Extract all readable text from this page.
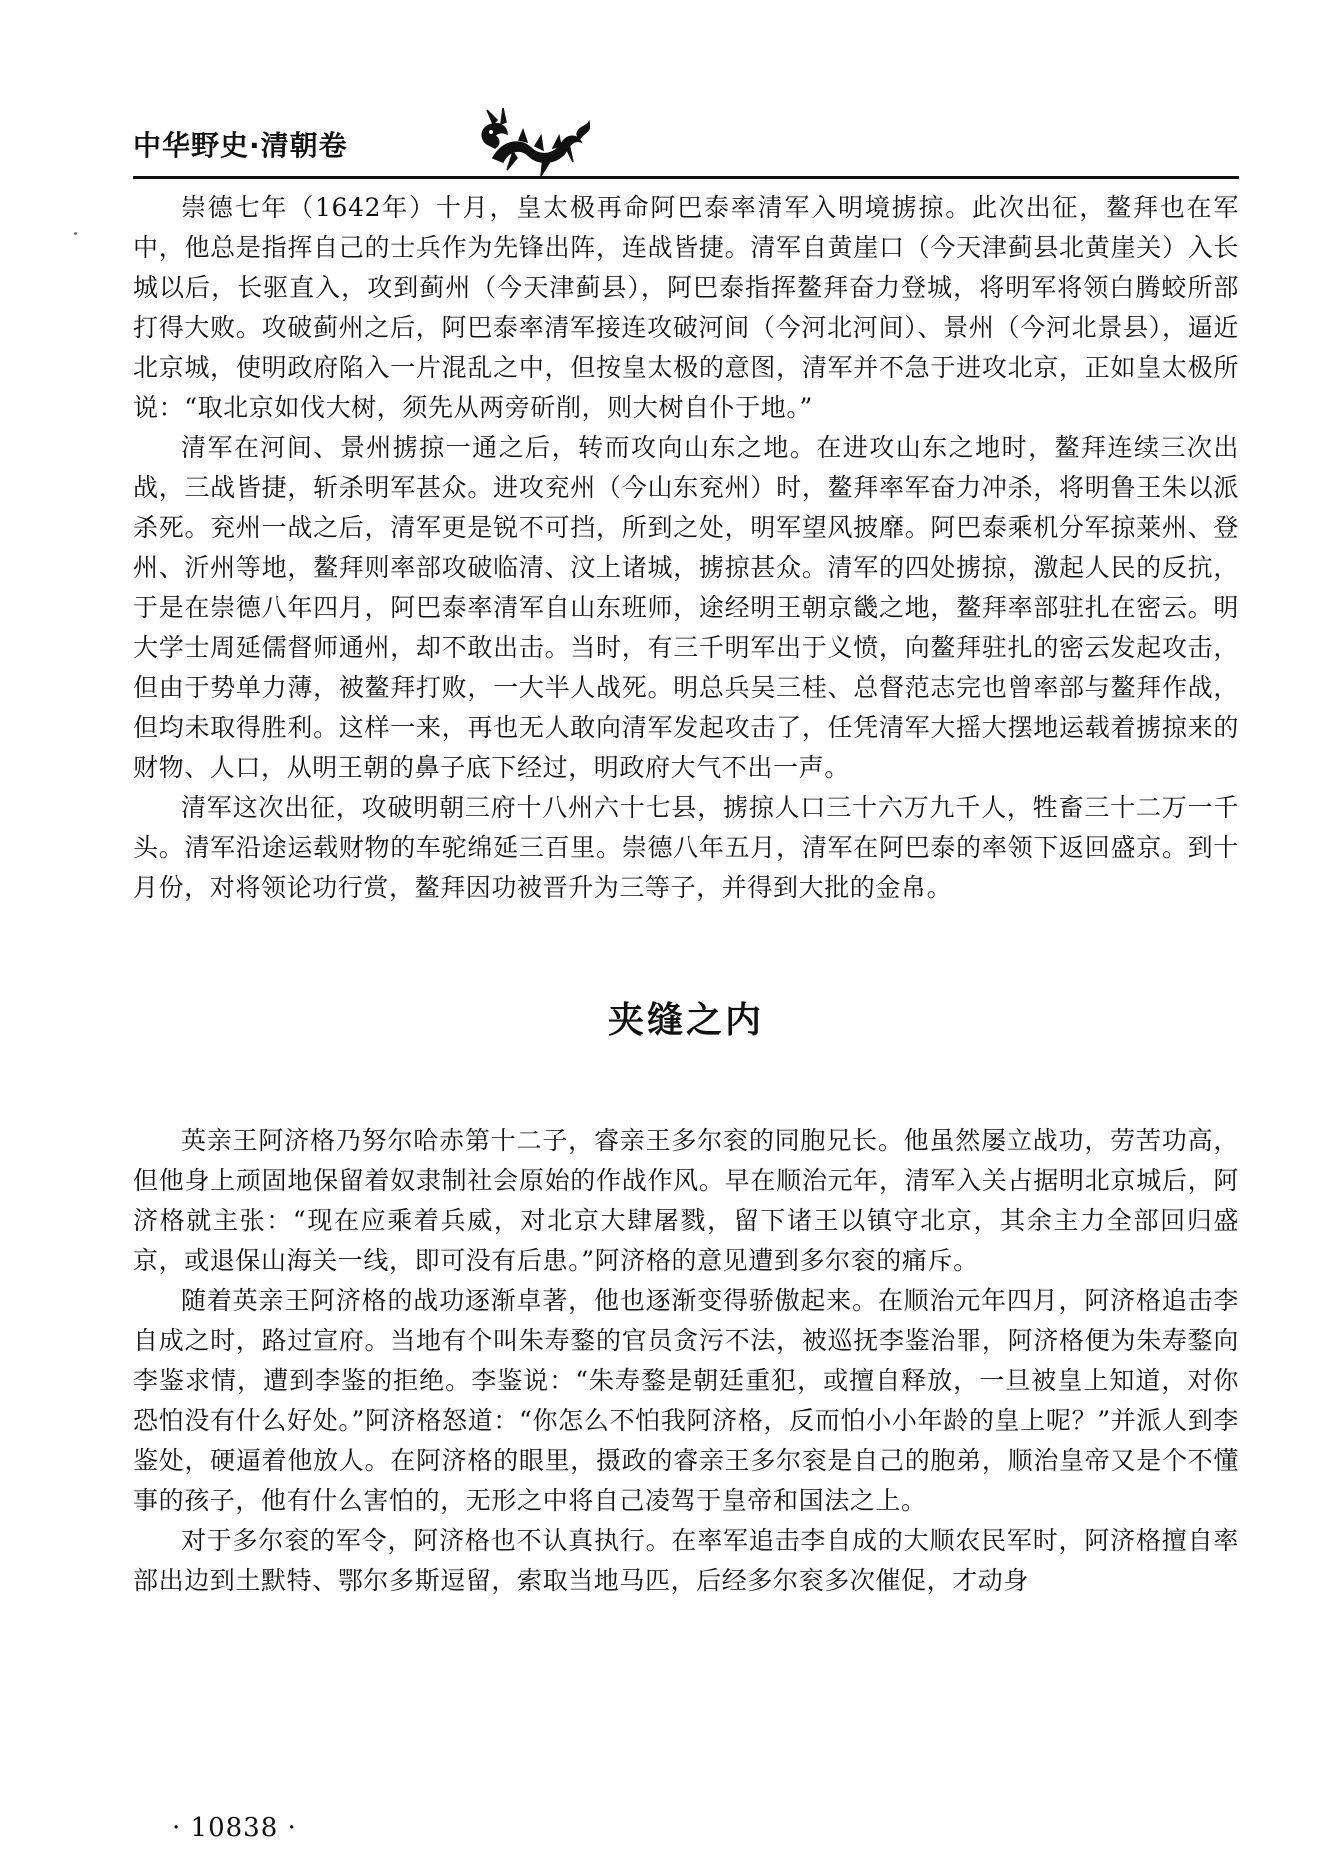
中华野史·清朝卷

崇德七年（1642年）十月，皇太极再命阿巴泰率清军入明境掳掠。此次出征，鳌拜也在军中，他总是指挥自己的士兵作为先锋出阵，连战皆捷。清军自黄崖口（今天津蓟县北黄崖关）入长城以后，长驱直入，攻到蓟州（今天津蓟县），阿巴泰指挥鳌拜奋力登城，将明军将领白腾蛟所部打得大败。攻破蓟州之后，阿巴泰率清军接连攻破河间（今河北河间）、景州（今河北景县），逼近北京城，使明政府陷入一片混乱之中，但按皇太极的意图，清军并不急于进攻北京，正如皇太极所说：“取北京如伐大树，须先从两旁斫削，则大树自仆于地。”

清军在河间、景州掳掠一通之后，转而攻向山东之地。在进攻山东之地时，鳌拜连续三次出战，三战皆捷，斩杀明军甚众。进攻兖州（今山东兖州）时，鳌拜率军奋力冲杀，将明鲁王朱以派杀死。兖州一战之后，清军更是锐不可挡，所到之处，明军望风披靡。阿巴泰乘机分军掠莱州、登州、沂州等地，鳌拜则率部攻破临清、汶上诸城，掳掠甚众。清军的四处掳掠，激起人民的反抗，于是在崇德八年四月，阿巴泰率清军自山东班师，途经明王朝京畿之地，鳌拜率部驻扎在密云。明大学士周延儒督师通州，却不敢出击。当时，有三千明军出于义愤，向鳌拜驻扎的密云发起攻击，但由于势单力薄，被鳌拜打败，一大半人战死。明总兵吴三桂、总督范志完也曾率部与鳌拜作战，但均未取得胜利。这样一来，再也无人敢向清军发起攻击了，任凭清军大摇大摆地运载着掳掠来的财物、人口，从明王朝的鼻子底下经过，明政府大气不出一声。

清军这次出征，攻破明朝三府十八州六十七县，掳掠人口三十六万九千人，牲畜三十二万一千头。清军沿途运载财物的车驼绵延三百里。崇德八年五月，清军在阿巴泰的率领下返回盛京。到十月份，对将领论功行赏，鳌拜因功被晋升为三等子，并得到大批的金帛。

夹缝之内

英亲王阿济格乃努尔哈赤第十二子，睿亲王多尔衮的同胞兄长。他虽然屡立战功，劳苦功高，但他身上顽固地保留着奴隶制社会原始的作战作风。早在顺治元年，清军入关占据明北京城后，阿济格就主张：“现在应乘着兵威，对北京大肆屠戮，留下诸王以镇守北京，其余主力全部回归盛京，或退保山海关一线，即可没有后患。”阿济格的意见遭到多尔衮的痛斥。

随着英亲王阿济格的战功逐渐卓著，他也逐渐变得骄傲起来。在顺治元年四月，阿济格追击李自成之时，路过宣府。当地有个叫朱寿鍪的官员贪污不法，被巡抚李鉴治罪，阿济格便为朱寿鍪向李鉴求情，遭到李鉴的拒绝。李鉴说：“朱寿鍪是朝廷重犯，或擅自释放，一旦被皇上知道，对你恐怕没有什么好处。”阿济格怒道：“你怎么不怕我阿济格，反而怕小小年龄的皇上呢？”并派人到李鉴处，硬逼着他放人。在阿济格的眼里，摄政的睿亲王多尔衮是自己的胞弟，顺治皇帝又是个不懂事的孩子，他有什么害怕的，无形之中将自己凌驾于皇帝和国法之上。

对于多尔衮的军令，阿济格也不认真执行。在率军追击李自成的大顺农民军时，阿济格擅自率部出边到土默特、鄂尔多斯逗留，索取当地马匹，后经多尔衮多次催促，才动身

· 10838 ·
